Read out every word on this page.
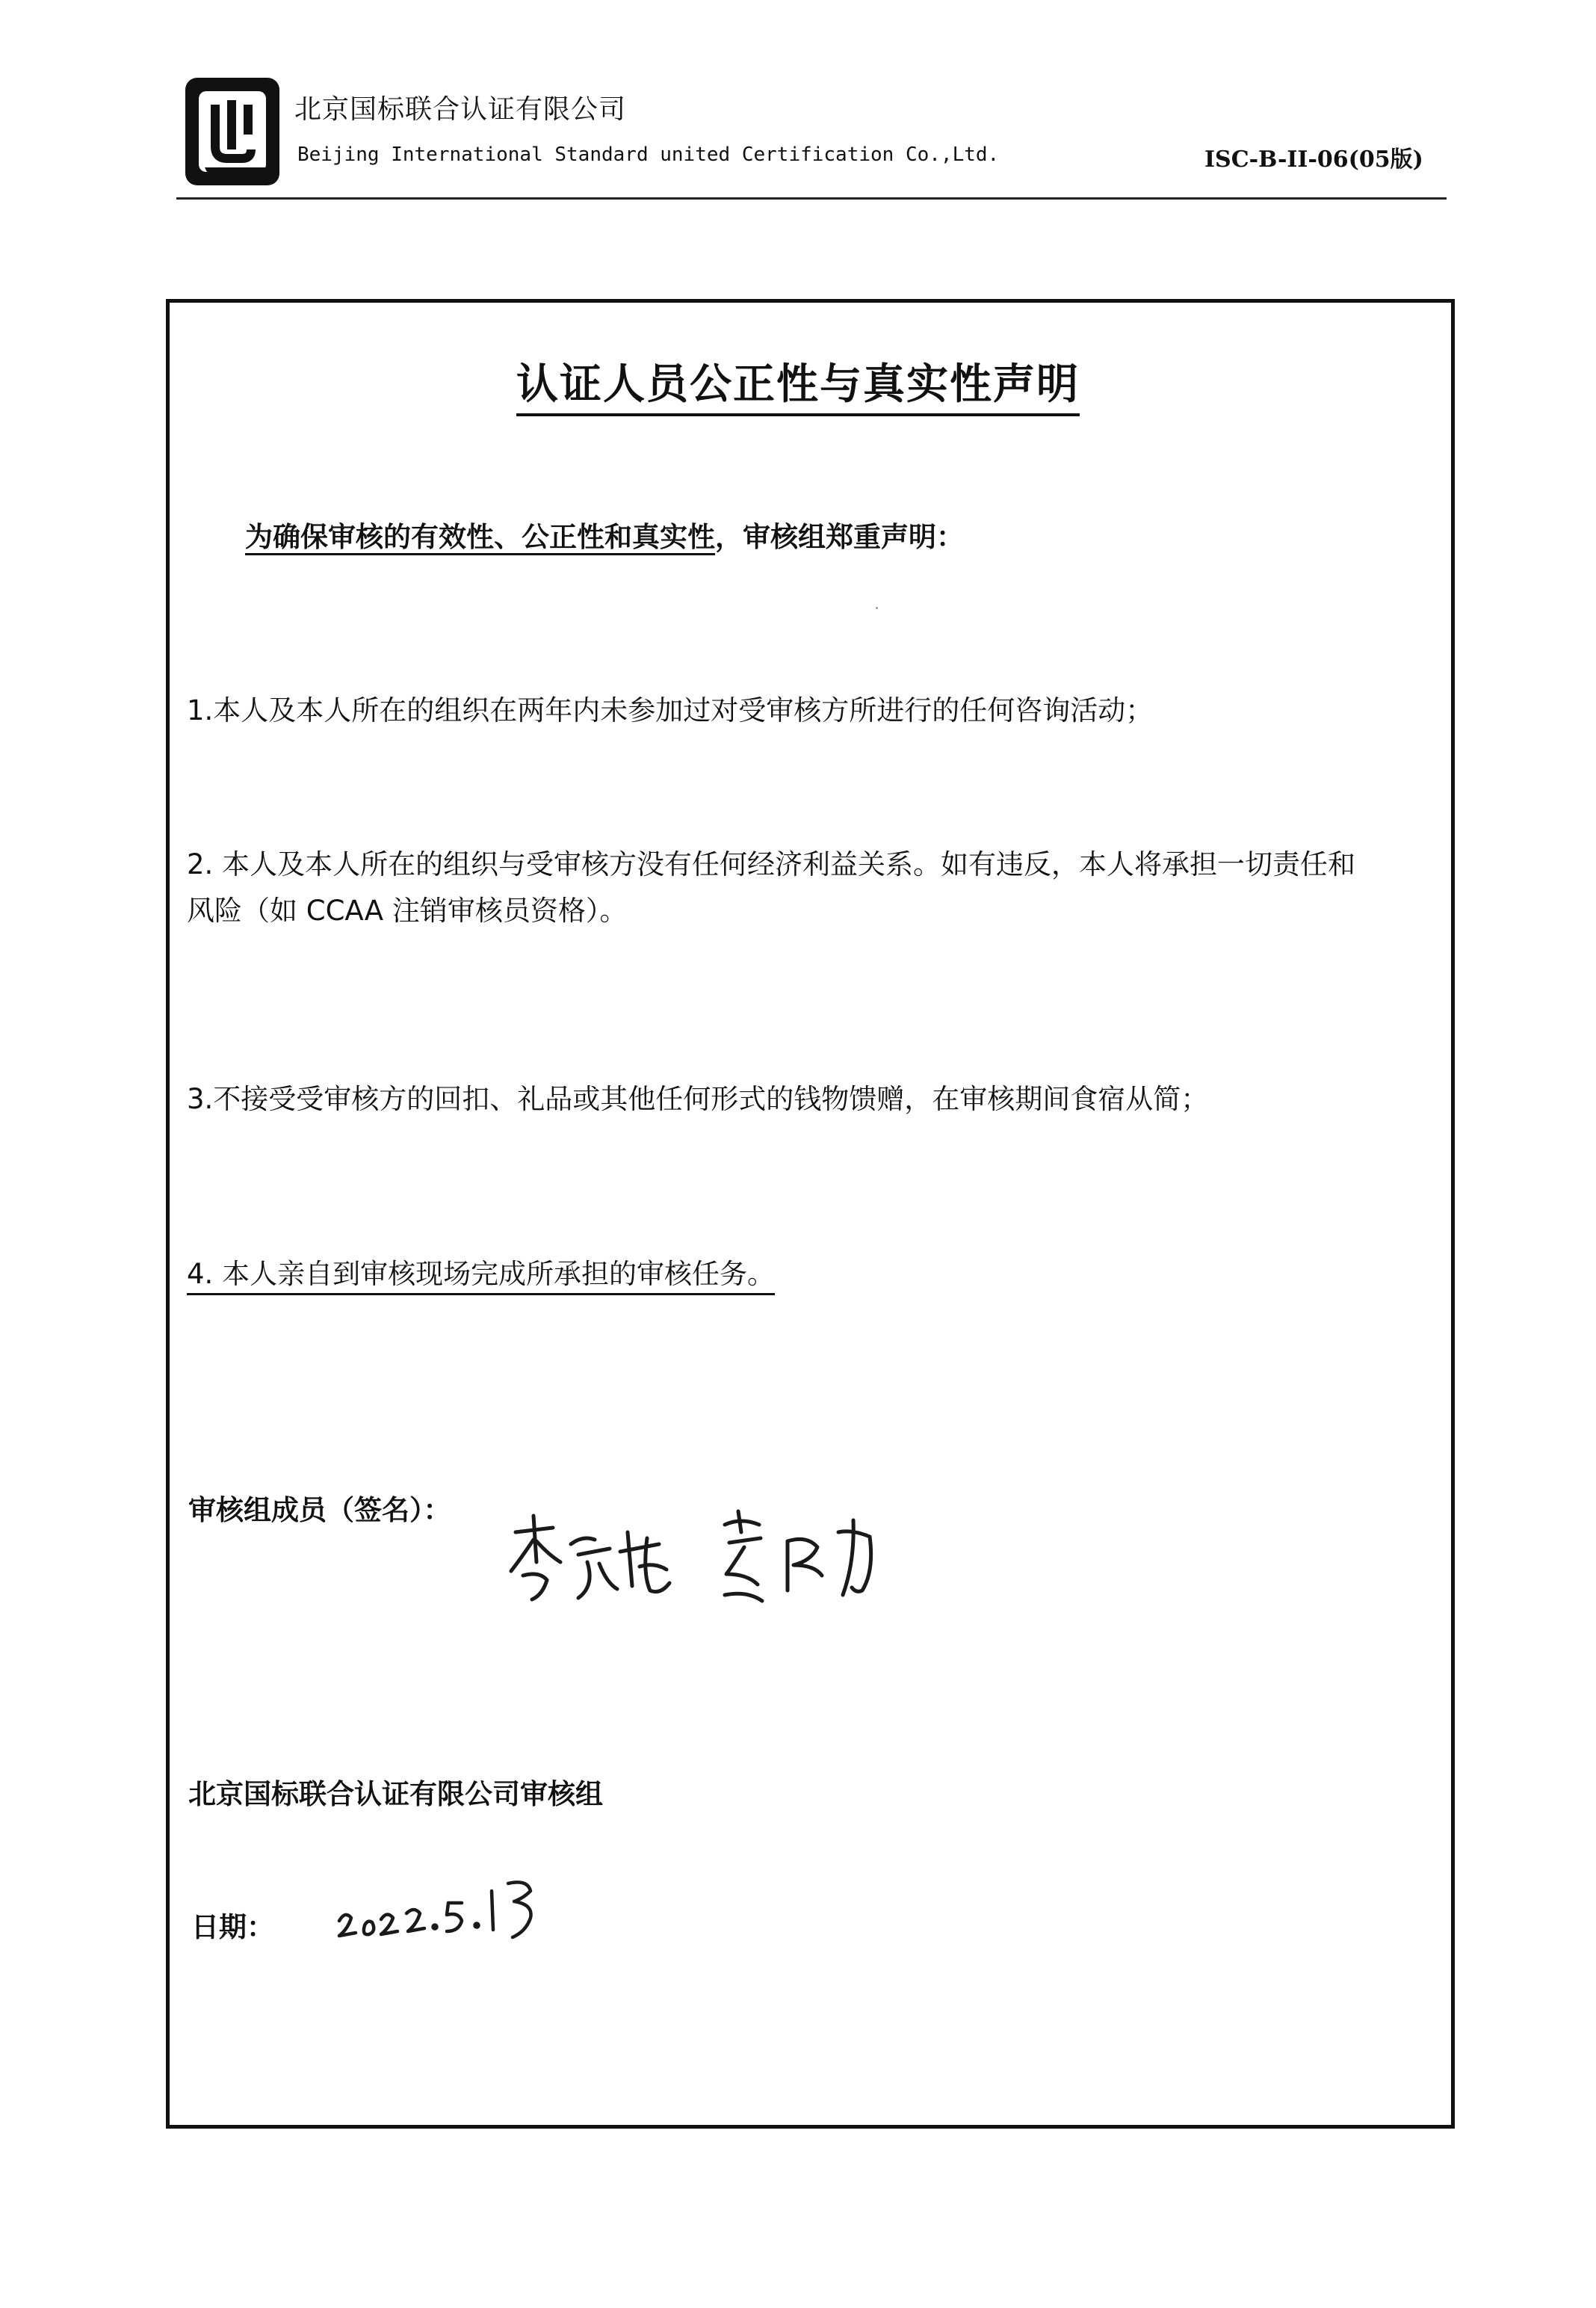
北京国标联合认证有限公司
Beijing International Standard united Certification Co.,Ltd.	ISC-B-II-06(05版)
认证人员公正性与真实性声明
为确保审核的有效性、公正性和真实性，审核组郑重声明：
1.本人及本人所在的组织在两年内未参加过对受审核方所进行的任何咨询活动；
2. 本人及本人所在的组织与受审核方没有任何经济利益关系。如有违反，本人将承担一切责任和
风险（如 CCAA 注销审核员资格）。
3.不接受受审核方的回扣、礼品或其他任何形式的钱物馈赠，在审核期间食宿从简；
4. 本人亲自到审核现场完成所承担的审核任务。
审核组成员（签名）：
北京国标联合认证有限公司审核组
日期：
